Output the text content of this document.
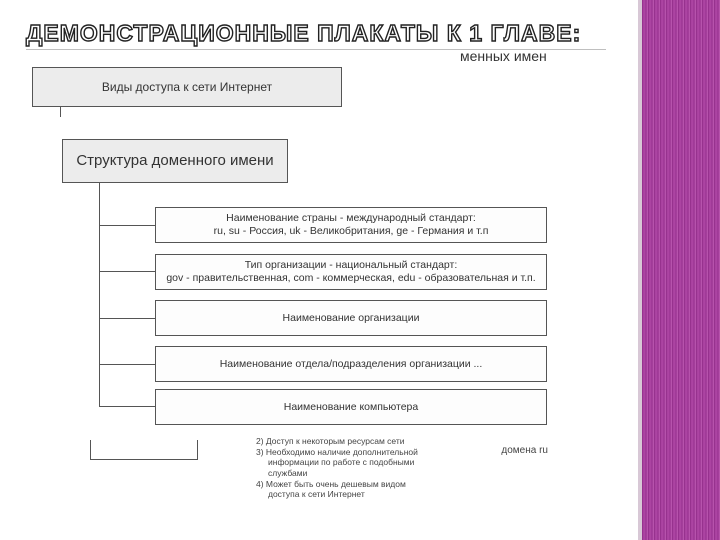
ДЕМОНСТРАЦИОННЫЕ ПЛАКАТЫ К 1 ГЛАВЕ:
менных имен
Виды доступа к сети Интернет
Структура доменного имени
Наименование страны - международный стандарт:
ru, su - Россия, uk - Великобритания, ge - Германия и т.п
Тип организации - национальный стандарт:
gov - правительственная, com - коммерческая, edu - образовательная и т.п.
Наименование организации
Наименование отдела/подразделения организации ...
Наименование компьютера
2) Доступ к некоторым ресурсам сети
3) Необходимо наличие дополнительной
информации по работе с подобными
службами
4) Может быть очень дешевым видом
доступа к сети Интернет
домена ru
